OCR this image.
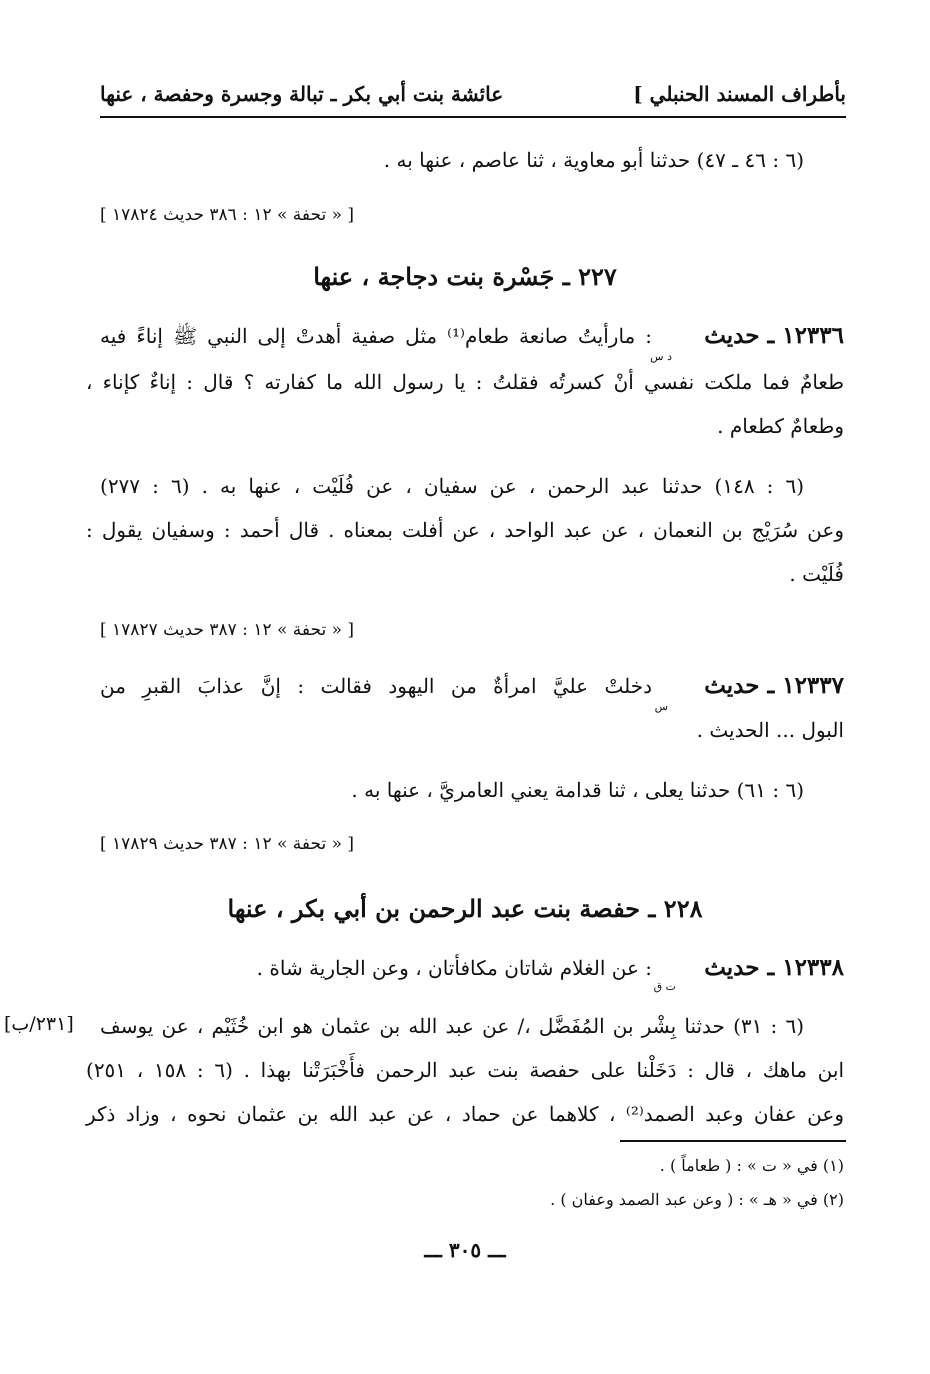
بأطراف المسند الحنبلي ]
عائشة بنت أبي بكر ـ تبالة وجسرة وحفصة ، عنها
(٦ : ٤٦ ـ ٤٧) حدثنا أبو معاوية ، ثنا عاصم ، عنها به .
[ « تحفة » ١٢ : ٣٨٦ حديث ١٧٨٢٤ ]
٢٢٧ ـ جَسْرة بنت دجاجة ، عنها
١٢٣٣٦ ـ حديث
د س
: مارأيتُ صانعة طعام⁽¹⁾ مثل صفية أهدتْ إلى النبي ﷺ إناءً فيه
طعامٌ فما ملكت نفسي أنْ كسرتُه فقلتُ : يا رسول الله ما كفارته ؟ قال : إناءٌ كإناء ،
وطعامٌ كطعام .
(٦ : ١٤٨) حدثنا عبد الرحمن ، عن سفيان ، عن فُلَيْت ، عنها به . (٦ : ٢٧٧)
وعن سُرَيْج بن النعمان ، عن عبد الواحد ، عن أفلت بمعناه . قال أحمد : وسفيان يقول :
فُلَيْت .
[ « تحفة » ١٢ : ٣٨٧ حديث ١٧٨٢٧ ]
١٢٣٣٧ ـ حديث
س
دخلتْ عليَّ امرأةٌ من اليهود فقالت : إنَّ عذابَ القبرِ من
البول ... الحديث .
(٦ : ٦١) حدثنا يعلى ، ثنا قدامة يعني العامريَّ ، عنها به .
[ « تحفة » ١٢ : ٣٨٧ حديث ١٧٨٢٩ ]
٢٢٨ ـ حفصة بنت عبد الرحمن بن أبي بكر ، عنها
١٢٣٣٨ ـ حديث
ت ق
: عن الغلام شاتان مكافأتان ، وعن الجارية شاة .
(٦ : ٣١) حدثنا بِشْر بن المُفَضَّل ،/ عن عبد الله بن عثمان هو ابن خُثَيْم ، عن يوسف
[٢٣١/ب]
ابن ماهك ، قال : دَخَلْنا على حفصة بنت عبد الرحمن فأَخْبَرَتْنا بهذا . (٦ : ١٥٨ ، ٢٥١)
وعن عفان وعبد الصمد⁽²⁾ ، كلاهما عن حماد ، عن عبد الله بن عثمان نحوه ، وزاد ذكر
(١) في « ت » : ( طعاماً ) .
(٢) في « هـ » : ( وعن عبد الصمد وعفان ) .
ـــ ٣٠٥ ـــ
